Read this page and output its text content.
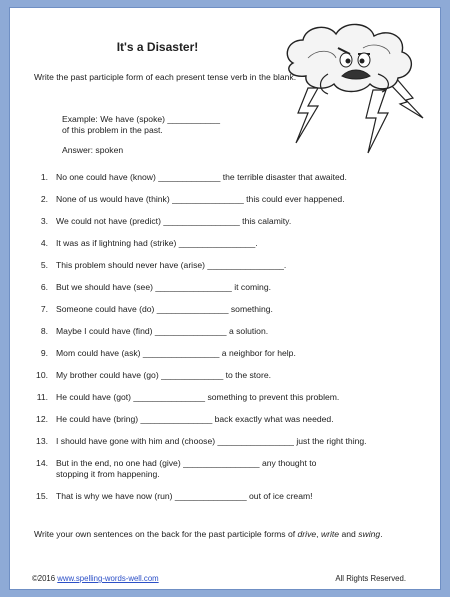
It's a Disaster!
Write the past participle form of each present tense verb in the blank.
Example: We have (spoke) ___________
of this problem in the past.
Answer: spoken
1. No one could have (know) _____________ the terrible disaster that awaited.
2. None of us would have (think) _______________ this could ever happened.
3. We could not have (predict) ________________ this calamity.
4. It was as if lightning had (strike) ________________.
5. This problem should never have (arise) ________________.
6. But we should have (see) ________________ it coming.
7. Someone could have (do) _______________ something.
8. Maybe I could have (find) _______________ a solution.
9. Mom could have (ask) ________________ a neighbor for help.
10. My brother could have (go) _____________ to the store.
11. He could have (got) _______________ something to prevent this problem.
12. He could have (bring) _______________ back exactly what was needed.
13. I should have gone with him and (choose) ________________ just the right thing.
14. But in the end, no one had (give) ________________ any thought to stopping it from happening.
15. That is why we have now (run) _______________ out of ice cream!
Write your own sentences on the back for the past participle forms of drive, write and swing.
©2016 www.spelling-words-well.com	All Rights Reserved.
